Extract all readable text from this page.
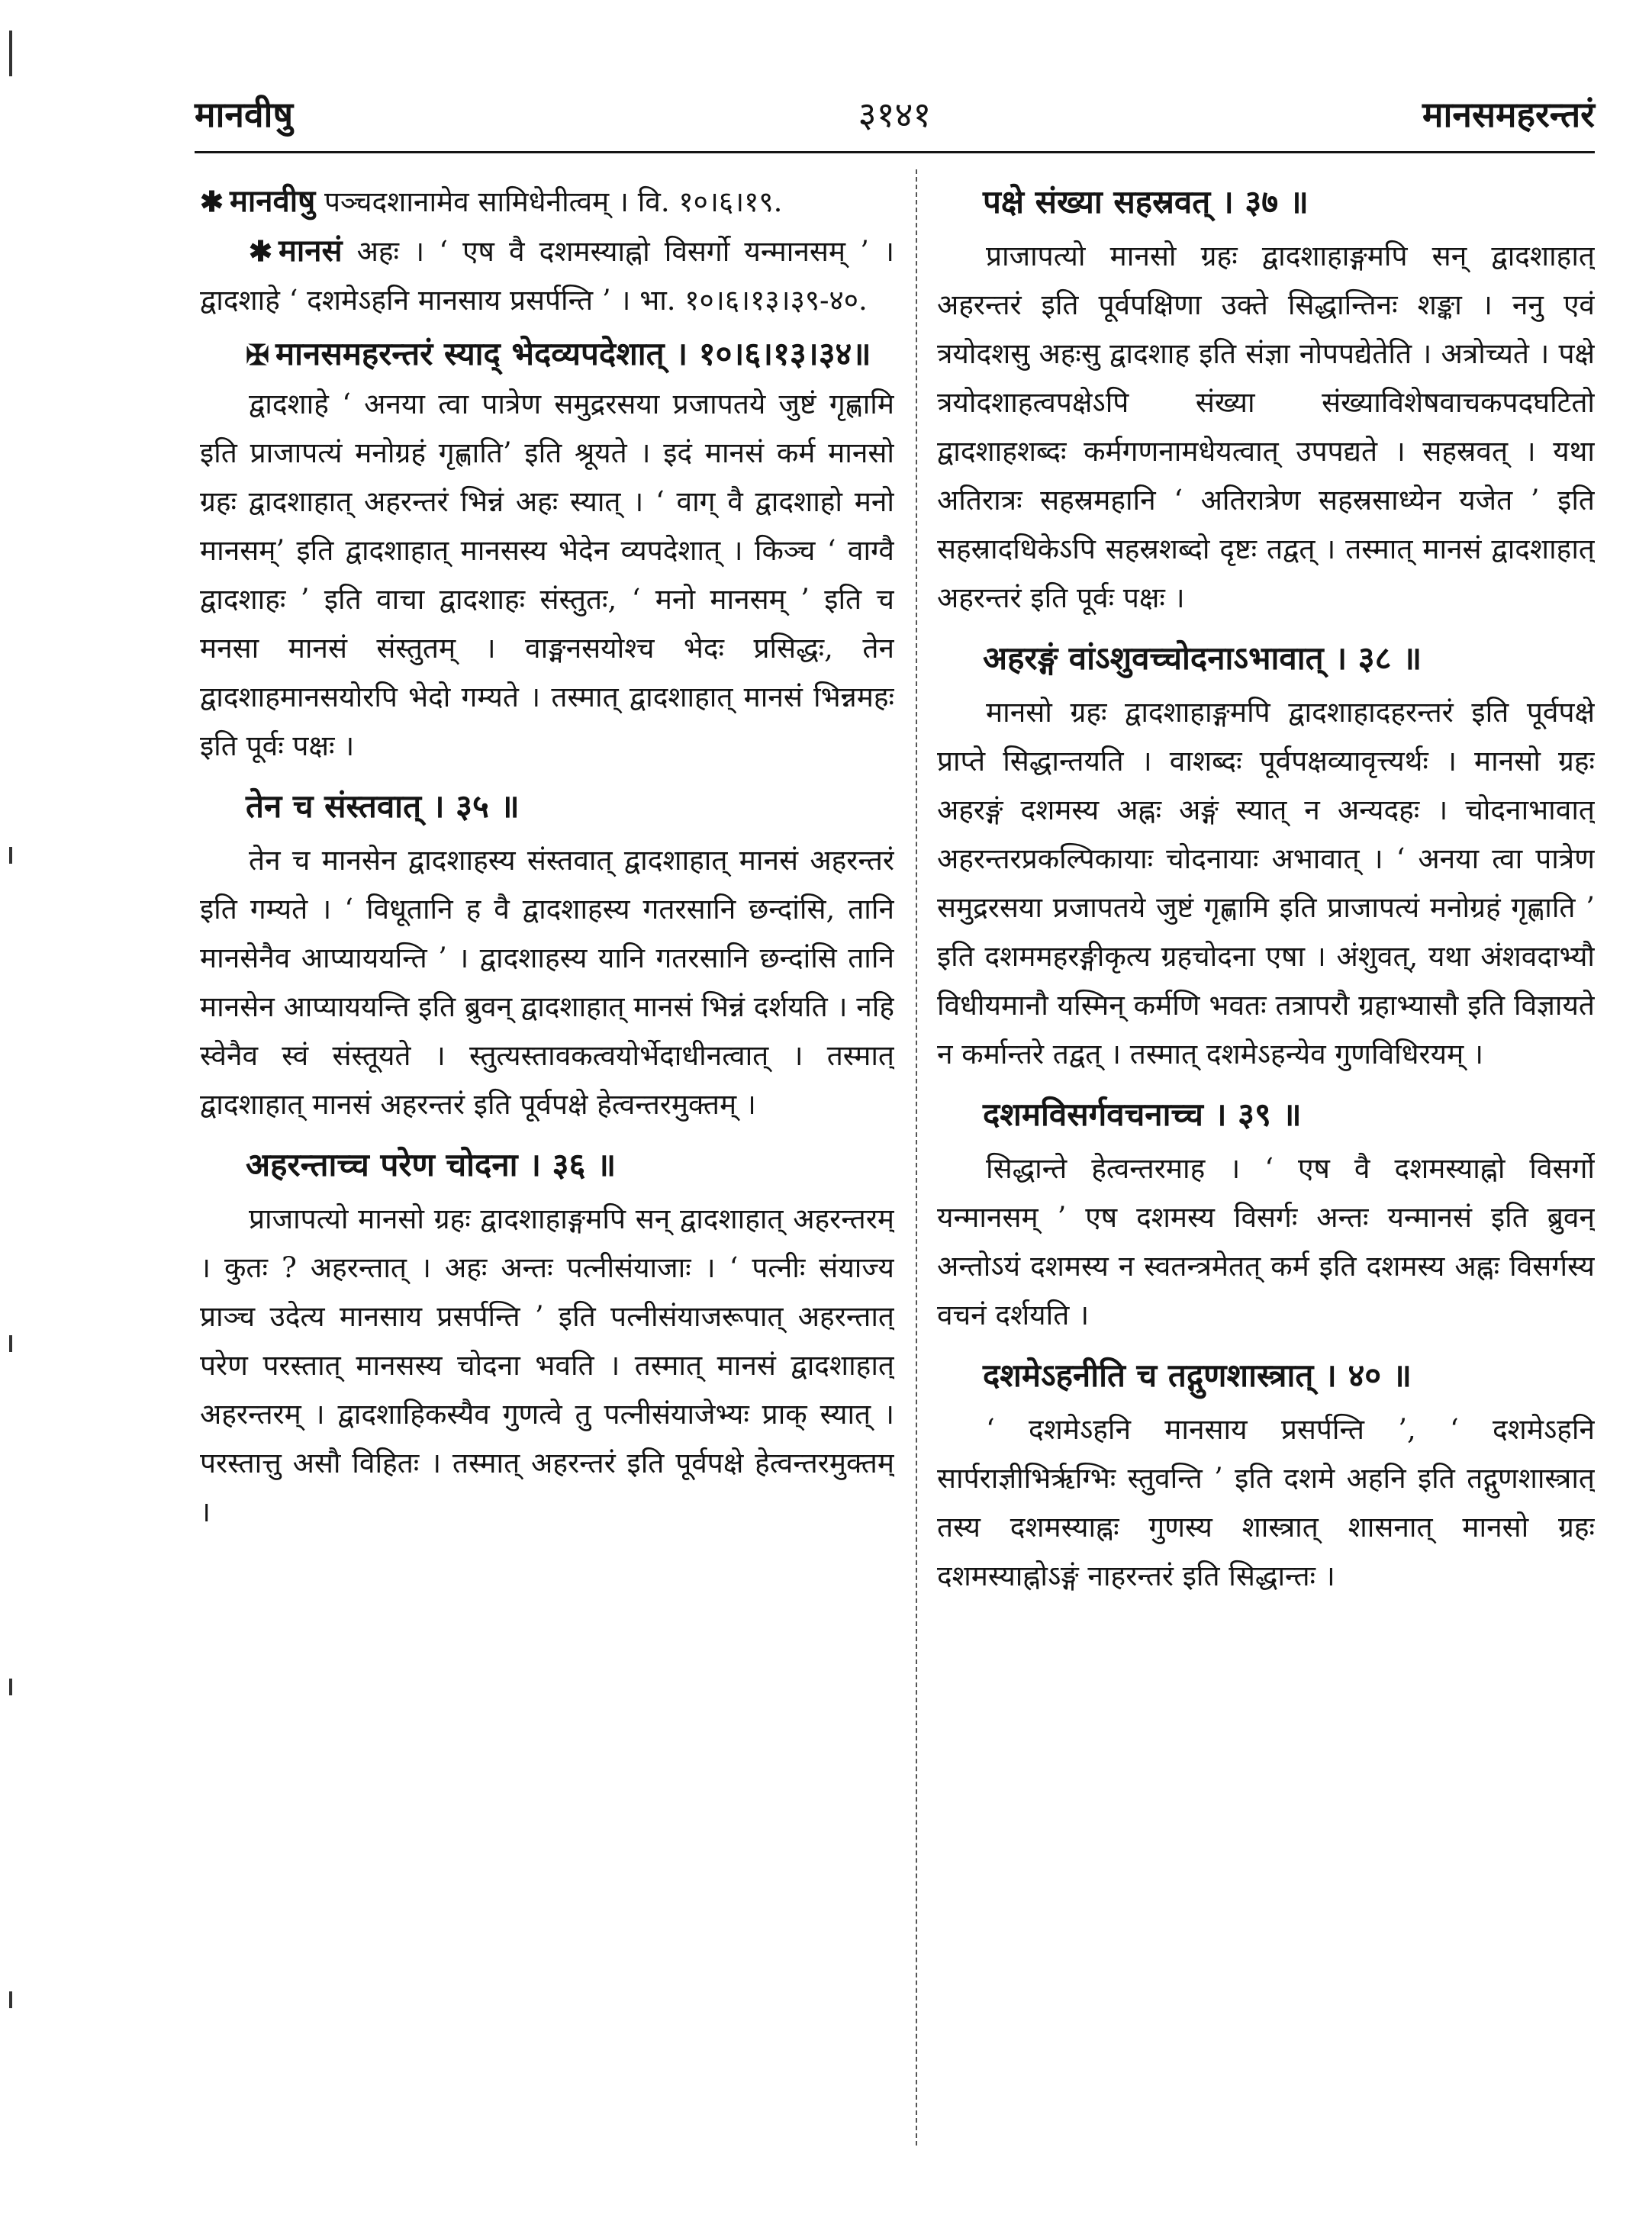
मानवीषु	३१४१	मानसमहरन्तरं

✱ मानवीषु पञ्चदशानामेव सामिधेनीत्वम् । वि. १०।६।१९.

✱ मानसं अहः । ‘ एष वै दशमस्याह्नो विसर्गो यन्मानसम् ’ । द्वादशाहे ‘ दशमेऽहनि मानसाय प्रसर्पन्ति ’ । भा. १०।६।१३।३९-४०.

✠ मानसमहरन्तरं स्याद् भेदव्यपदेशात् । १०।६।१३।३४॥

द्वादशाहे ‘ अनया त्वा पात्रेण समुद्ररसया प्रजापतये जुष्टं गृह्णामि इति प्राजापत्यं मनोग्रहं गृह्णाति’ इति श्रूयते । इदं मानसं कर्म मानसो ग्रहः द्वादशाहात् अहरन्तरं भिन्नं अहः स्यात् । ‘ वाग् वै द्वादशाहो मनो मानसम्’ इति द्वादशाहात् मानसस्य भेदेन व्यपदेशात् । किञ्च ‘ वाग्वै द्वादशाहः ’ इति वाचा द्वादशाहः संस्तुतः, ‘ मनो मानसम् ’ इति च मनसा मानसं संस्तुतम् । वाङ्मनसयोश्च भेदः प्रसिद्धः, तेन द्वादशाहमानसयोरपि भेदो गम्यते । तस्मात् द्वादशाहात् मानसं भिन्नमहः इति पूर्वः पक्षः ।

तेन च संस्तवात् । ३५ ॥

तेन च मानसेन द्वादशाहस्य संस्तवात् द्वादशाहात् मानसं अहरन्तरं इति गम्यते । ‘ विधूतानि ह वै द्वादशाहस्य गतरसानि छन्दांसि, तानि मानसेनैव आप्याययन्ति ’ । द्वादशाहस्य यानि गतरसानि छन्दांसि तानि मानसेन आप्याययन्ति इति ब्रुवन् द्वादशाहात् मानसं भिन्नं दर्शयति । नहि स्वेनैव स्वं संस्तूयते । स्तुत्यस्तावकत्वयोर्भेदाधीनत्वात् । तस्मात् द्वादशाहात् मानसं अहरन्तरं इति पूर्वपक्षे हेत्वन्तरमुक्तम् ।

अहरन्ताच्च परेण चोदना । ३६ ॥

प्राजापत्यो मानसो ग्रहः द्वादशाहाङ्गमपि सन् द्वादशाहात् अहरन्तरम् । कुतः ? अहरन्तात् । अहः अन्तः पत्नीसंयाजाः । ‘ पत्नीः संयाज्य प्राञ्च उदेत्य मानसाय प्रसर्पन्ति ’ इति पत्नीसंयाजरूपात् अहरन्तात् परेण परस्तात् मानसस्य चोदना भवति । तस्मात् मानसं द्वादशाहात् अहरन्तरम् । द्वादशाहिकस्यैव गुणत्वे तु पत्नीसंयाजेभ्यः प्राक् स्यात् । परस्तात्तु असौ विहितः । तस्मात् अहरन्तरं इति पूर्वपक्षे हेत्वन्तरमुक्तम् ।

पक्षे संख्या सहस्रवत् । ३७ ॥

प्राजापत्यो मानसो ग्रहः द्वादशाहाङ्गमपि सन् द्वादशाहात् अहरन्तरं इति पूर्वपक्षिणा उक्ते सिद्धान्तिनः शङ्का । ननु एवं त्रयोदशसु अहःसु द्वादशाह इति संज्ञा नोपपद्येतेति । अत्रोच्यते । पक्षे त्रयोदशाहत्वपक्षेऽपि संख्या संख्याविशेषवाचकपदघटितो द्वादशाहशब्दः कर्मगणनामधेयत्वात् उपपद्यते । सहस्रवत् । यथा अतिरात्रः सहस्रमहानि ‘ अतिरात्रेण सहस्रसाध्येन यजेत ’ इति सहस्रादधिकेऽपि सहस्रशब्दो दृष्टः तद्वत् । तस्मात् मानसं द्वादशाहात् अहरन्तरं इति पूर्वः पक्षः ।

अहरङ्गं वांऽशुवच्चोदनाऽभावात् । ३८ ॥

मानसो ग्रहः द्वादशाहाङ्गमपि द्वादशाहादहरन्तरं इति पूर्वपक्षे प्राप्ते सिद्धान्तयति । वाशब्दः पूर्वपक्षव्यावृत्त्यर्थः । मानसो ग्रहः अहरङ्गं दशमस्य अह्नः अङ्गं स्यात् न अन्यदहः । चोदनाभावात् अहरन्तरप्रकल्पिकायाः चोदनायाः अभावात् । ‘ अनया त्वा पात्रेण समुद्ररसया प्रजापतये जुष्टं गृह्णामि इति प्राजापत्यं मनोग्रहं गृह्णाति ’ इति दशममहरङ्गीकृत्य ग्रहचोदना एषा । अंशुवत्, यथा अंशवदाभ्यौ विधीयमानौ यस्मिन् कर्मणि भवतः तत्रापरौ ग्रहाभ्यासौ इति विज्ञायते न कर्मान्तरे तद्वत् । तस्मात् दशमेऽहन्येव गुणविधिरयम् ।

दशमविसर्गवचनाच्च । ३९ ॥

सिद्धान्ते हेत्वन्तरमाह । ‘ एष वै दशमस्याह्नो विसर्गो यन्मानसम् ’ एष दशमस्य विसर्गः अन्तः यन्मानसं इति ब्रुवन् अन्तोऽयं दशमस्य न स्वतन्त्रमेतत् कर्म इति दशमस्य अह्नः विसर्गस्य वचनं दर्शयति ।

दशमेऽहनीति च तद्गुणशास्त्रात् । ४० ॥

‘ दशमेऽहनि मानसाय प्रसर्पन्ति ’, ‘ दशमेऽहनि सार्पराज्ञीभिर्ऋग्भिः स्तुवन्ति ’ इति दशमे अहनि इति तद्गुणशास्त्रात् तस्य दशमस्याह्नः गुणस्य शास्त्रात् शासनात् मानसो ग्रहः दशमस्याह्नोऽङ्गं नाहरन्तरं इति सिद्धान्तः ।
